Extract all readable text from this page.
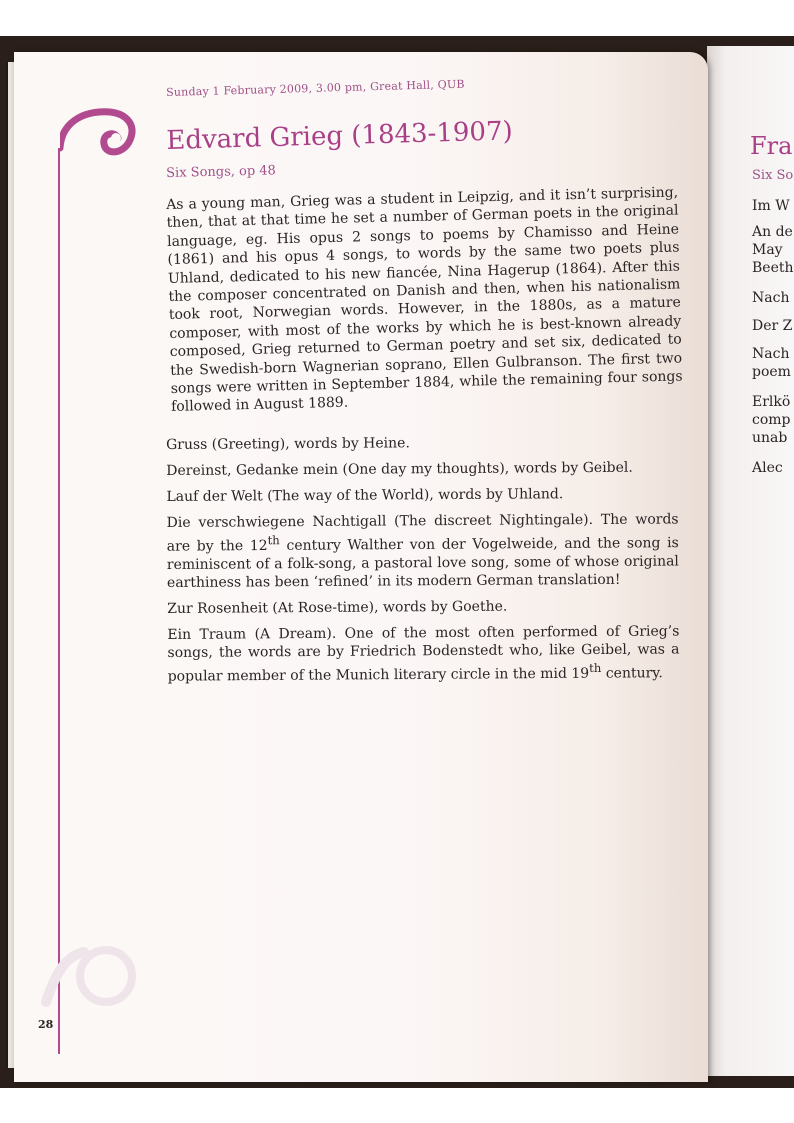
Sunday 1 February 2009, 3.00 pm, Great Hall, QUB
Edvard Grieg (1843-1907)
Six Songs, op 48
As a young man, Grieg was a student in Leipzig, and it isn’t surprising, then, that at that time he set a number of German poets in the original language, eg. His opus 2 songs to poems by Chamisso and Heine (1861) and his opus 4 songs, to words by the same two poets plus Uhland, dedicated to his new fiancée, Nina Hagerup (1864). After this the composer concentrated on Danish and then, when his nationalism took root, Norwegian words. However, in the 1880s, as a mature composer, with most of the works by which he is best-known already composed, Grieg returned to German poetry and set six, dedicated to the Swedish-born Wagnerian soprano, Ellen Gulbranson. The first two songs were written in September 1884, while the remaining four songs followed in August 1889.

Gruss (Greeting), words by Heine.

Dereinst, Gedanke mein (One day my thoughts), words by Geibel.

Lauf der Welt (The way of the World), words by Uhland.

Die verschwiegene Nachtigall (The discreet Nightingale). The words are by the 12th century Walther von der Vogelweide, and the song is reminiscent of a folk-song, a pastoral love song, some of whose original earthiness has been ‘refined’ in its modern German translation!

Zur Rosenheit (At Rose-time), words by Goethe.

Ein Traum (A Dream). One of the most often performed of Grieg’s songs, the words are by Friedrich Bodenstedt who, like Geibel, was a popular member of the Munich literary circle in the mid 19th century.

28
Fra
Six So
Im W
An de
May
Beeth
Nach
Der Z
Nach
poem
Erlkö
comp
unab
Alec
